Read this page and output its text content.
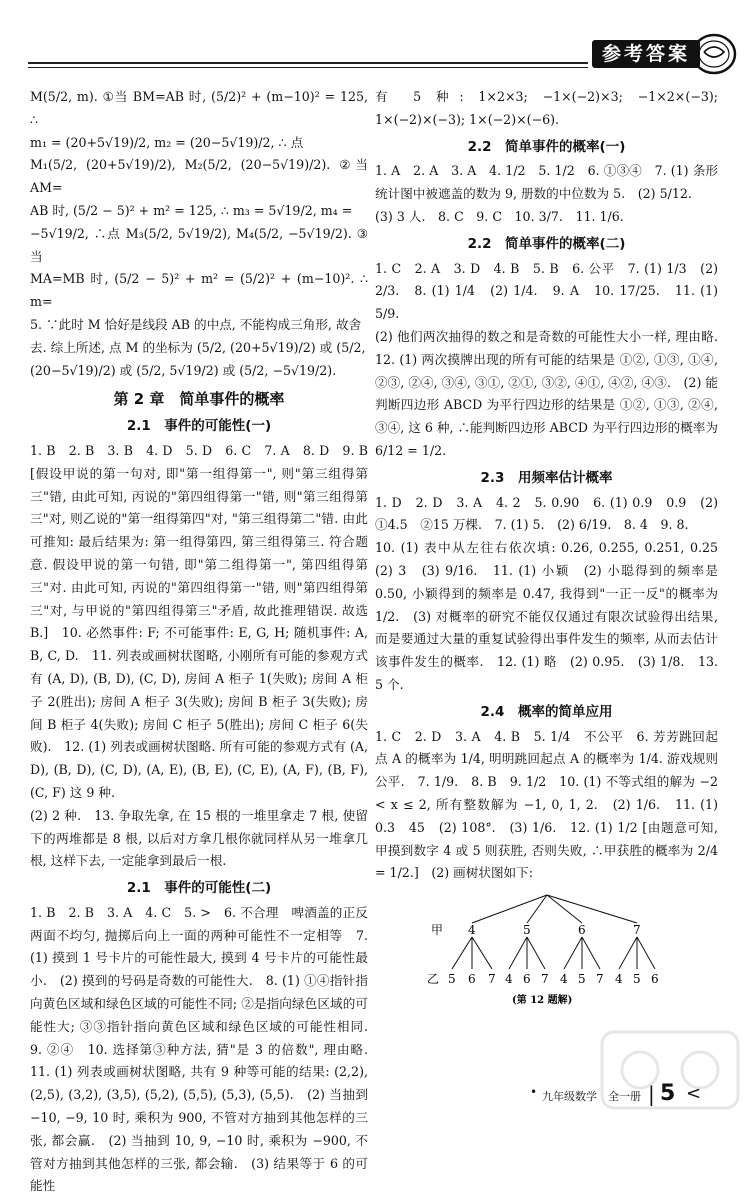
参考答案

M(5/2, m). ①当 BM=AB 时, (5/2)² + (m−10)² = 125, ∴

m₁ = (20+5√19)/2, m₂ = (20−5√19)/2, ∴ 点

M₁(5/2, (20+5√19)/2), M₂(5/2, (20−5√19)/2). ②当 AM=

AB 时, (5/2 − 5)² + m² = 125, ∴ m₃ = 5√19/2, m₄ =

−5√19/2, ∴点 M₃(5/2, 5√19/2), M₄(5/2, −5√19/2). ③当

MA=MB 时, (5/2 − 5)² + m² = (5/2)² + (m−10)². ∴ m=

5. ∵此时 M 恰好是线段 AB 的中点, 不能构成三角形, 故舍

去. 综上所述, 点 M 的坐标为 (5/2, (20+5√19)/2) 或 (5/2,

(20−5√19)/2) 或 (5/2, 5√19/2) 或 (5/2, −5√19/2).

第 2 章　简单事件的概率
2.1　事件的可能性(一)

1. B　2. B　3. B　4. D　5. D　6. C　7. A　8. D　9. B [假设甲说的第一句对, 即"第一组得第一", 则"第三组得第三"错, 由此可知, 丙说的"第四组得第一"错, 则"第三组得第三"对, 则乙说的"第一组得第四"对, "第三组得第二"错. 由此可推知: 最后结果为: 第一组得第四, 第三组得第三. 符合题意. 假设甲说的第一句错, 即"第二组得第一", 第四组得第三"对. 由此可知, 丙说的"第四组得第一"错, 则"第四组得第三"对, 与甲说的"第四组得第三"矛盾, 故此推理错误. 故选 B.]　10. 必然事件: F; 不可能事件: E, G, H; 随机事件: A, B, C, D.　11. 列表或画树状图略, 小刚所有可能的参观方式有 (A, D), (B, D), (C, D), 房间 A 柜子 1(失败); 房间 A 柜子 2(胜出); 房间 A 柜子 3(失败); 房间 B 柜子 3(失败); 房间 B 柜子 4(失败); 房间 C 柜子 5(胜出); 房间 C 柜子 6(失败).　12. (1) 列表或画树状图略. 所有可能的参观方式有 (A, D), (B, D), (C, D), (A, E), (B, E), (C, E), (A, F), (B, F), (C, F) 这 9 种.

(2) 2 种.　13. 争取先拿, 在 15 根的一堆里拿走 7 根, 使留下的两堆都是 8 根, 以后对方拿几根你就同样从另一堆拿几根, 这样下去, 一定能拿到最后一根.

2.1　事件的可能性(二)

1. B　2. B　3. A　4. C　5. >　6. 不合理　啤酒盖的正反两面不均匀, 抛掷后向上一面的两种可能性不一定相等　7. (1) 摸到 1 号卡片的可能性最大, 摸到 4 号卡片的可能性最小.　(2) 摸到的号码是奇数的可能性大.　8. (1) ①④指针指向黄色区域和绿色区域的可能性不同; ②是指向绿色区域的可能性大; ③③指针指向黄色区域和绿色区域的可能性相同.　9. ②④　10. 选择第③种方法, 猜"是 3 的倍数", 理由略.　11. (1) 列表或画树状图略, 共有 9 种等可能的结果: (2,2), (2,5), (3,2), (3,5), (5,2), (5,5), (5,3), (5,5).　(2) 当抽到 −10, −9, 10 时, 乘积为 900, 不管对方抽到其他怎样的三张, 都会赢.　(2) 当抽到 10, 9, −10 时, 乘积为 −900, 不管对方抽到其他怎样的三张, 都会输.　(3) 结果等于 6 的可能性

有 5 种: 1×2×3; −1×(−2)×3; −1×2×(−3); 1×(−2)×(−3); 1×(−2)×(−6).

2.2　简单事件的概率(一)

1. A　2. A　3. A　4. 1/2　5. 1/2　6. ①③④　7. (1) 条形统计图中被遮盖的数为 9, 册数的中位数为 5.　(2) 5/12.

(3) 3 人.　8. C　9. C　10. 3/7.　11. 1/6.

2.2　简单事件的概率(二)

1. C　2. A　3. D　4. B　5. B　6. 公平　7. (1) 1/3　(2) 2/3.　8. (1) 1/4　(2) 1/4.　9. A　10. 17/25.　11. (1) 5/9.

(2) 他们两次抽得的数之和是奇数的可能性大小一样, 理由略.　12. (1) 两次摸牌出现的所有可能的结果是 ①②, ①③, ①④, ②③, ②④, ③④, ③①, ②①, ③②, ④①, ④②, ④③.　(2) 能判断四边形 ABCD 为平行四边形的结果是 ①②, ①③, ②④, ③④, 这 6 种, ∴能判断四边形 ABCD 为平行四边形的概率为 6/12 = 1/2.

2.3　用频率估计概率

1. D　2. D　3. A　4. 2　5. 0.90　6. (1) 0.9　0.9　(2) ①4.5　②15 万棵.　7. (1) 5.　(2) 6/19.　8. 4　9. 8.

10. (1) 表中从左往右依次填: 0.26, 0.255, 0.251, 0.25　(2) 3　(3) 9/16.　11. (1) 小颖　(2) 小聪得到的频率是 0.50, 小颖得到的频率是 0.47, 我得到"一正一反"的概率为 1/2.　(3) 对概率的研究不能仅仅通过有限次试验得出结果, 而是要通过大量的重复试验得出事件发生的频率, 从而去估计该事件发生的概率.　12. (1) 略　(2) 0.95.　(3) 1/8.　13. 5 个.

2.4　概率的简单应用

1. C　2. D　3. A　4. B　5. 1/4　不公平　6. 芳芳跳回起点 A 的概率为 1/4, 明明跳回起点 A 的概率为 1/4. 游戏规则公平.　7. 1/9.　8. B　9. 1/2　10. (1) 不等式组的解为 −2 < x ≤ 2, 所有整数解为 −1, 0, 1, 2.　(2) 1/6.　11. (1) 0.3　45　(2) 108°.　(3) 1/6.　12. (1) 1/2 [由题意可知, 甲摸到数字 4 或 5 则获胜, 否则失败, ∴甲获胜的概率为 2/4 = 1/2.]　(2) 画树状图如下:

甲 4	5	6	7
乙 5 6 7 4 6 7 4 5 7 4 5 6
(第 12 题解)
• 九年级数学　全一册 | 5 <
